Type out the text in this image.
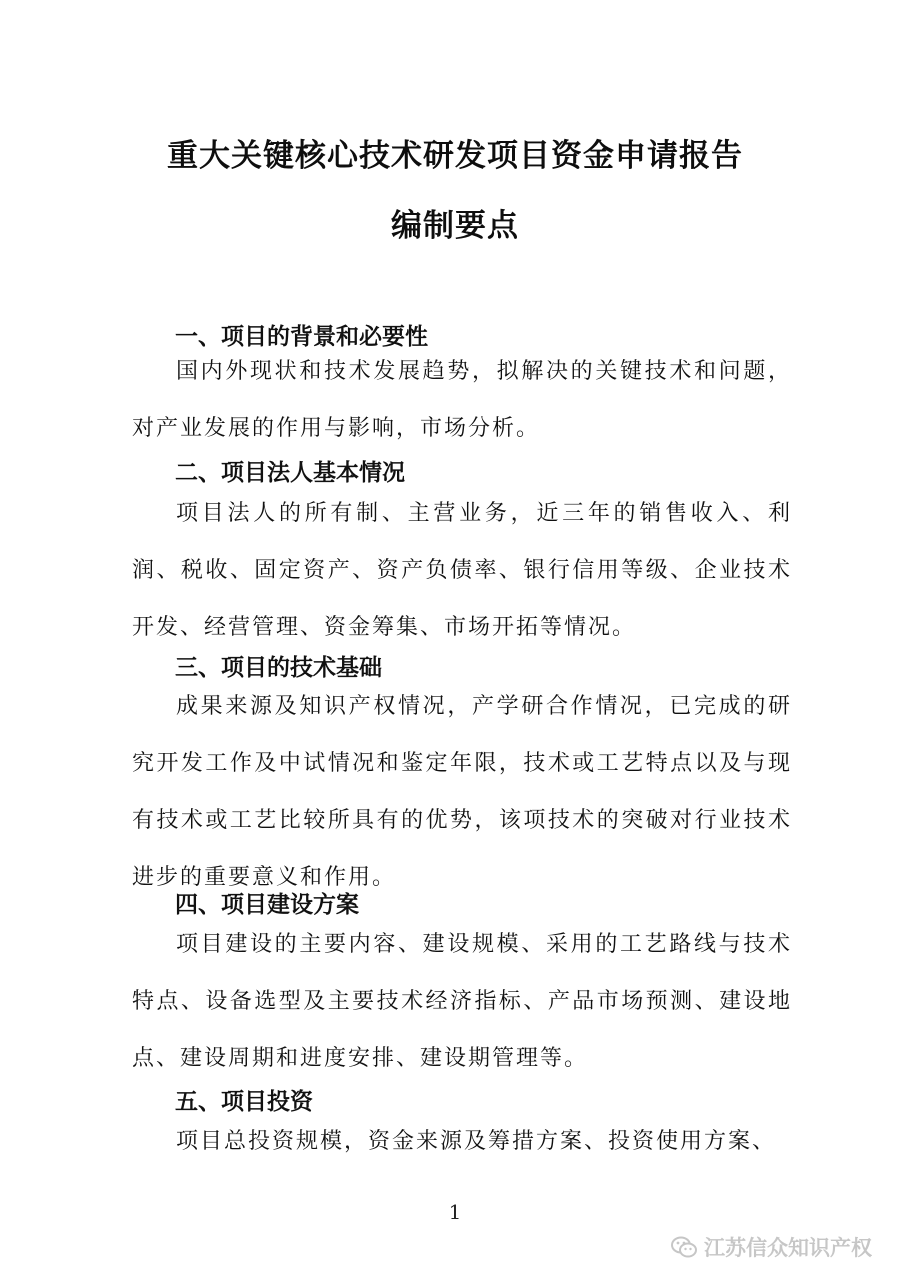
重大关键核心技术研发项目资金申请报告
编制要点
一、项目的背景和必要性
国内外现状和技术发展趋势，拟解决的关键技术和问题，对产业发展的作用与影响，市场分析。
二、项目法人基本情况
项目法人的所有制、主营业务，近三年的销售收入、利润、税收、固定资产、资产负债率、银行信用等级、企业技术开发、经营管理、资金筹集、市场开拓等情况。
三、项目的技术基础
成果来源及知识产权情况，产学研合作情况，已完成的研究开发工作及中试情况和鉴定年限，技术或工艺特点以及与现有技术或工艺比较所具有的优势，该项技术的突破对行业技术进步的重要意义和作用。
四、项目建设方案
项目建设的主要内容、建设规模、采用的工艺路线与技术特点、设备选型及主要技术经济指标、产品市场预测、建设地点、建设周期和进度安排、建设期管理等。
五、项目投资
项目总投资规模，资金来源及筹措方案、投资使用方案、
1
江苏信众知识产权
